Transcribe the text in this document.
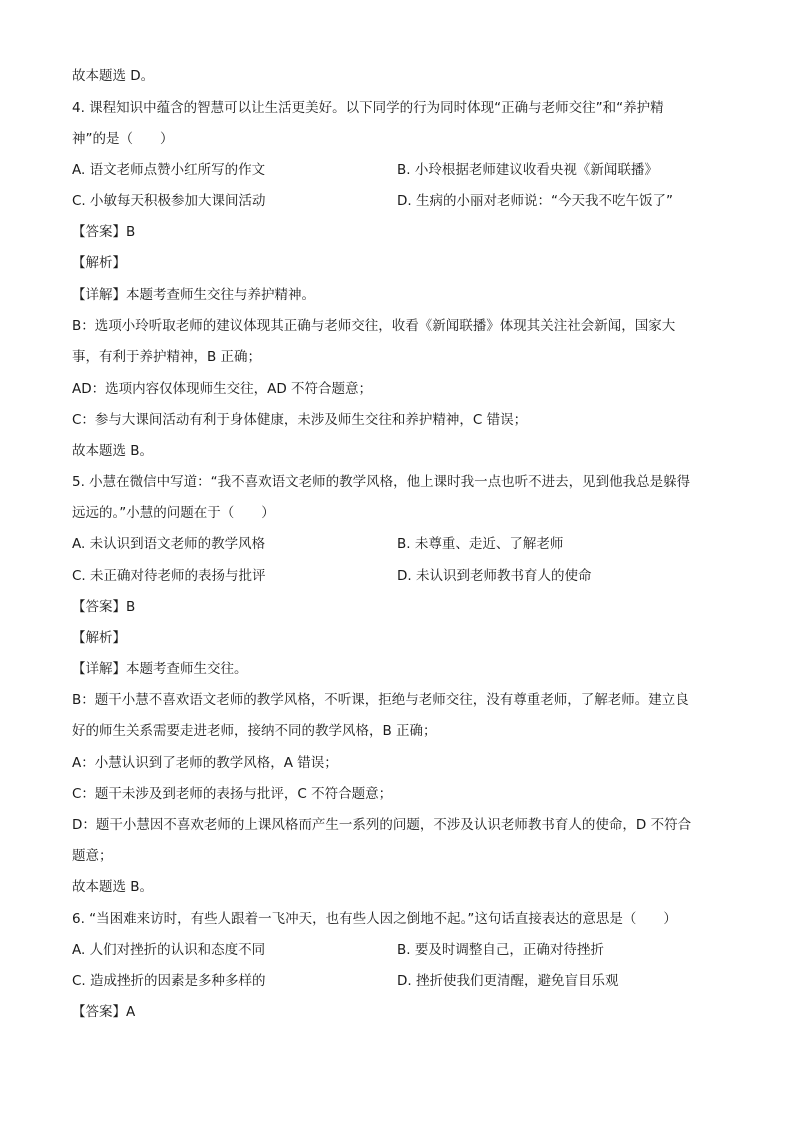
故本题选 D。
4. 课程知识中蕴含的智慧可以让生活更美好。以下同学的行为同时体现“正确与老师交往”和“养护精
神”的是（　　）
A. 语文老师点赞小红所写的作文	B. 小玲根据老师建议收看央视《新闻联播》
C. 小敏每天积极参加大课间活动	D. 生病的小丽对老师说：“今天我不吃午饭了”
【答案】B
【解析】
【详解】本题考查师生交往与养护精神。
B：选项小玲听取老师的建议体现其正确与老师交往，收看《新闻联播》体现其关注社会新闻，国家大
事，有利于养护精神，B 正确；
AD：选项内容仅体现师生交往，AD 不符合题意；
C：参与大课间活动有利于身体健康，未涉及师生交往和养护精神，C 错误；
故本题选 B。
5. 小慧在微信中写道：“我不喜欢语文老师的教学风格，他上课时我一点也听不进去，见到他我总是躲得
远远的。”小慧的问题在于（　　）
A. 未认识到语文老师的教学风格	B. 未尊重、走近、了解老师
C. 未正确对待老师的表扬与批评	D. 未认识到老师教书育人的使命
【答案】B
【解析】
【详解】本题考查师生交往。
B：题干小慧不喜欢语文老师的教学风格，不听课，拒绝与老师交往，没有尊重老师，了解老师。建立良
好的师生关系需要走进老师，接纳不同的教学风格，B 正确；
A：小慧认识到了老师的教学风格，A 错误；
C：题干未涉及到老师的表扬与批评，C 不符合题意；
D：题干小慧因不喜欢老师的上课风格而产生一系列的问题，不涉及认识老师教书育人的使命，D 不符合
题意；
故本题选 B。
6. “当困难来访时，有些人跟着一飞冲天，也有些人因之倒地不起。”这句话直接表达的意思是（　　）
A. 人们对挫折的认识和态度不同	B. 要及时调整自己，正确对待挫折
C. 造成挫折的因素是多种多样的	D. 挫折使我们更清醒，避免盲目乐观
【答案】A
